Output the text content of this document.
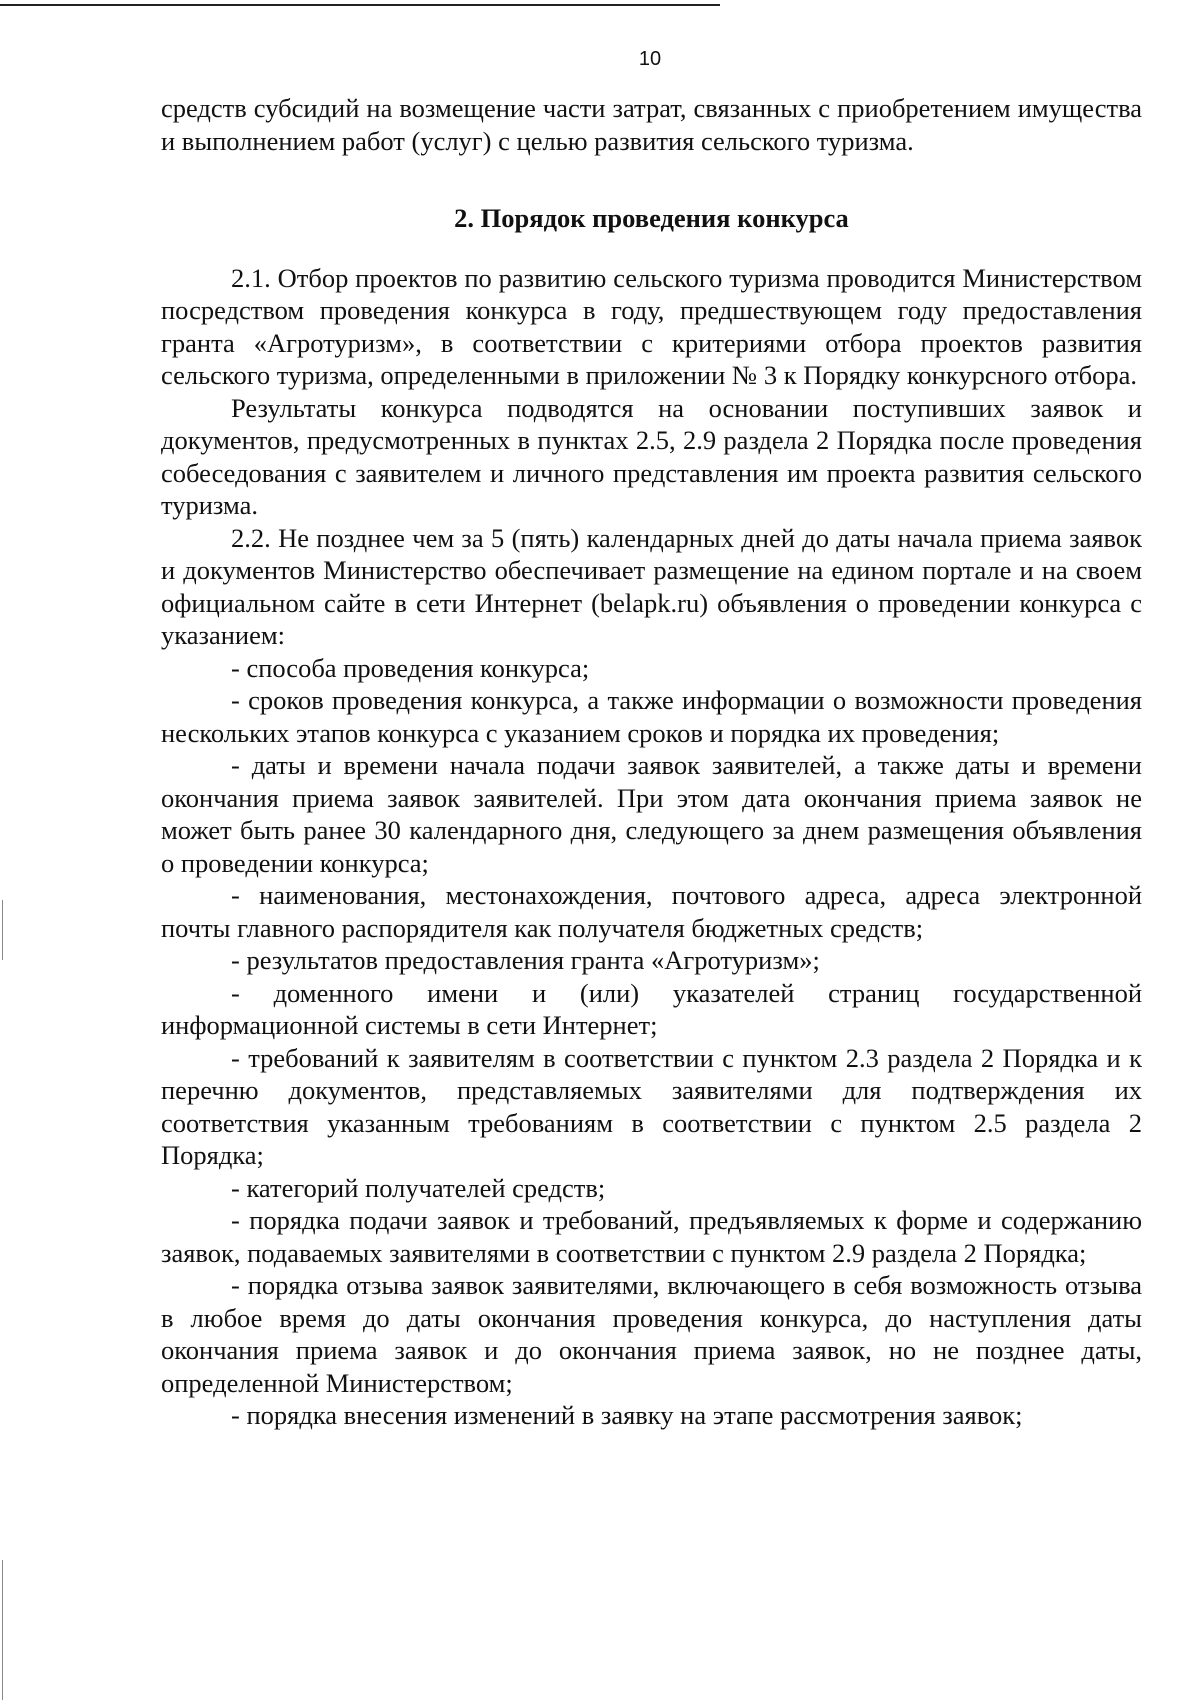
10

средств субсидий на возмещение части затрат, связанных с приобретением имущества и выполнением работ (услуг) с целью развития сельского туризма.

2. Порядок проведения конкурса

2.1. Отбор проектов по развитию сельского туризма проводится Министерством посредством проведения конкурса в году, предшествующем году предоставления гранта «Агротуризм», в соответствии с критериями отбора проектов развития сельского туризма, определенными в приложении № 3 к Порядку конкурсного отбора.

Результаты конкурса подводятся на основании поступивших заявок и документов, предусмотренных в пунктах 2.5, 2.9 раздела 2 Порядка после проведения собеседования с заявителем и личного представления им проекта развития сельского туризма.

2.2. Не позднее чем за 5 (пять) календарных дней до даты начала приема заявок и документов Министерство обеспечивает размещение на едином портале и на своем официальном сайте в сети Интернет (belapk.ru) объявления о проведении конкурса с указанием:

- способа проведения конкурса;

- сроков проведения конкурса, а также информации о возможности проведения нескольких этапов конкурса с указанием сроков и порядка их проведения;

- даты и времени начала подачи заявок заявителей, а также даты и времени окончания приема заявок заявителей. При этом дата окончания приема заявок не может быть ранее 30 календарного дня, следующего за днем размещения объявления о проведении конкурса;

- наименования, местонахождения, почтового адреса, адреса электронной почты главного распорядителя как получателя бюджетных средств;

- результатов предоставления гранта «Агротуризм»;

- доменного имени и (или) указателей страниц государственной информационной системы в сети Интернет;

- требований к заявителям в соответствии с пунктом 2.3 раздела 2 Порядка и к перечню документов, представляемых заявителями для подтверждения их соответствия указанным требованиям в соответствии с пунктом 2.5 раздела 2 Порядка;

- категорий получателей средств;

- порядка подачи заявок и требований, предъявляемых к форме и содержанию заявок, подаваемых заявителями в соответствии с пунктом 2.9 раздела 2 Порядка;

- порядка отзыва заявок заявителями, включающего в себя возможность отзыва в любое время до даты окончания проведения конкурса, до наступления даты окончания приема заявок и до окончания приема заявок, но не позднее даты, определенной Министерством;

- порядка внесения изменений в заявку на этапе рассмотрения заявок;
